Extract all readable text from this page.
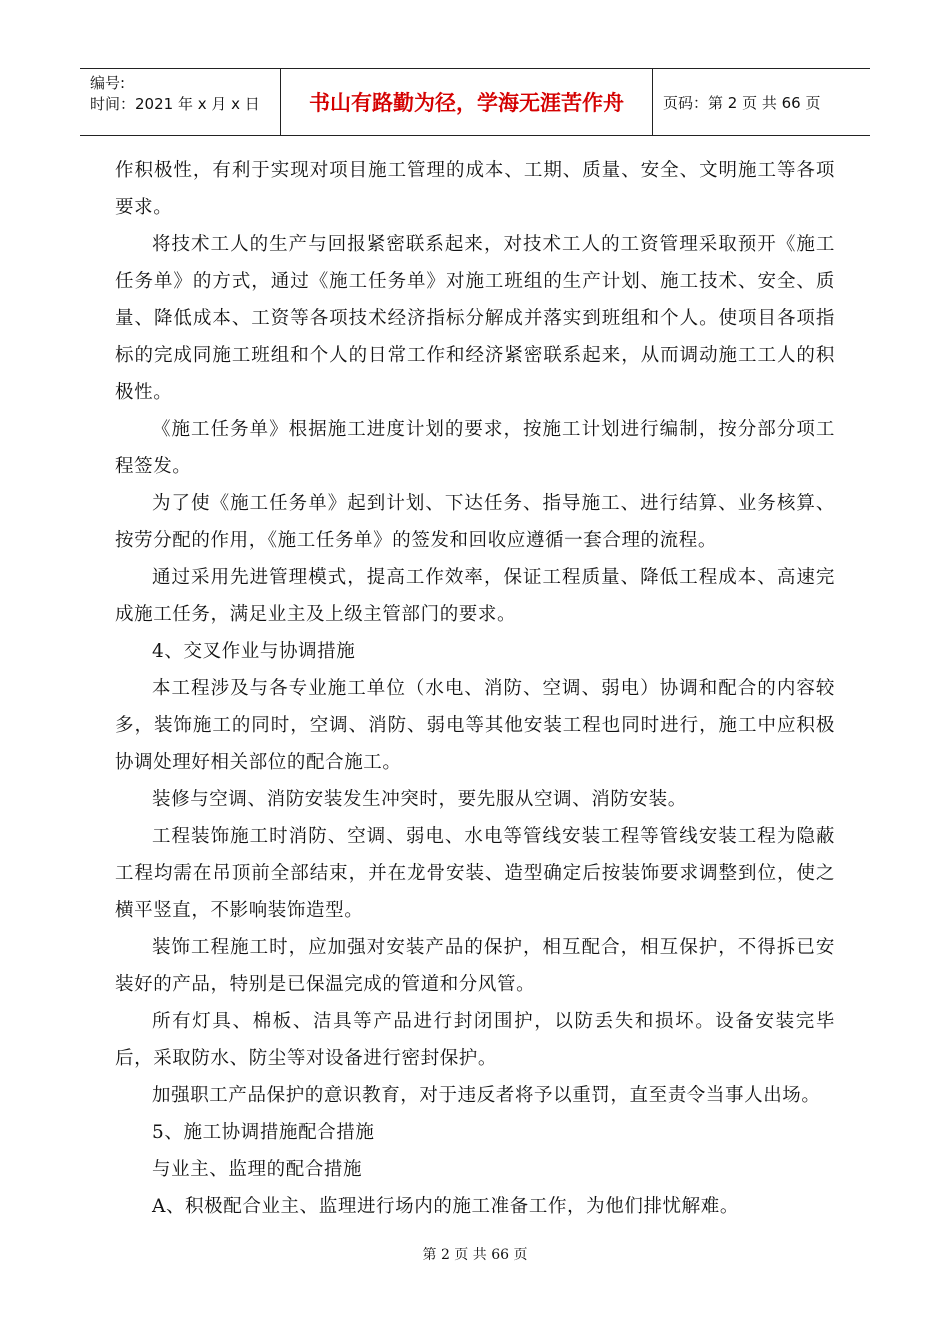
编号:
时间：2021 年 x 月 x 日	书山有路勤为径，学海无涯苦作舟	页码：第 2 页 共 66 页

作积极性，有利于实现对项目施工管理的成本、工期、质量、安全、文明施工等各项要求。

将技术工人的生产与回报紧密联系起来，对技术工人的工资管理采取预开《施工任务单》的方式，通过《施工任务单》对施工班组的生产计划、施工技术、安全、质量、降低成本、工资等各项技术经济指标分解成并落实到班组和个人。使项目各项指标的完成同施工班组和个人的日常工作和经济紧密联系起来，从而调动施工工人的积极性。

《施工任务单》根据施工进度计划的要求，按施工计划进行编制，按分部分项工程签发。

为了使《施工任务单》起到计划、下达任务、指导施工、进行结算、业务核算、按劳分配的作用，《施工任务单》的签发和回收应遵循一套合理的流程。

通过采用先进管理模式，提高工作效率，保证工程质量、降低工程成本、高速完成施工任务，满足业主及上级主管部门的要求。

4、交叉作业与协调措施

本工程涉及与各专业施工单位（水电、消防、空调、弱电）协调和配合的内容较多，装饰施工的同时，空调、消防、弱电等其他安装工程也同时进行，施工中应积极协调处理好相关部位的配合施工。

装修与空调、消防安装发生冲突时，要先服从空调、消防安装。

工程装饰施工时消防、空调、弱电、水电等管线安装工程等管线安装工程为隐蔽工程均需在吊顶前全部结束，并在龙骨安装、造型确定后按装饰要求调整到位，使之横平竖直，不影响装饰造型。

装饰工程施工时，应加强对安装产品的保护，相互配合，相互保护，不得拆已安装好的产品，特别是已保温完成的管道和分风管。

所有灯具、棉板、洁具等产品进行封闭围护，以防丢失和损坏。设备安装完毕后，采取防水、防尘等对设备进行密封保护。

加强职工产品保护的意识教育，对于违反者将予以重罚，直至责令当事人出场。

5、施工协调措施配合措施

与业主、监理的配合措施

A、积极配合业主、监理进行场内的施工准备工作，为他们排忧解难。

第 2 页 共 66 页
